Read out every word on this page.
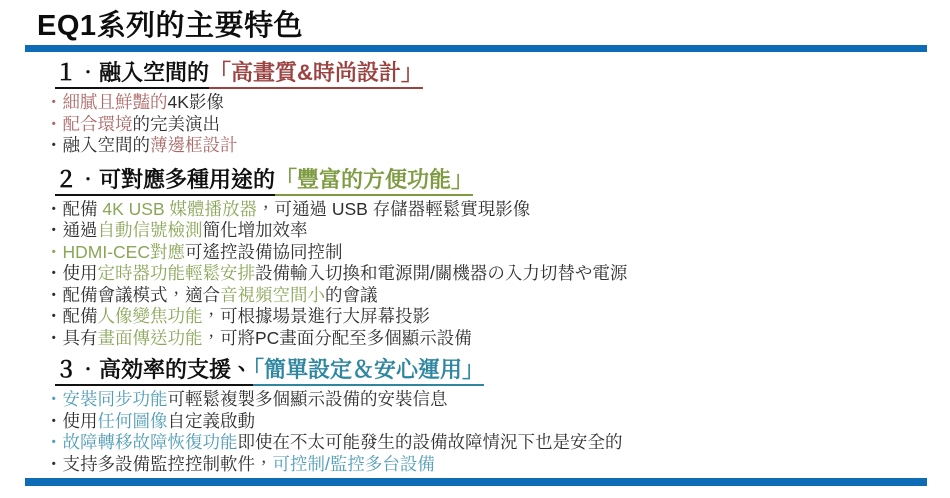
EQ1系列的主要特色
１．融入空間的「高畫質&時尚設計」
・細膩且鮮豔的4K影像
・配合環境的完美演出
・融入空間的薄邊框設計
２．可對應多種用途的「豐富的方便功能」
・配備 4K USB 媒體播放器，可通過 USB 存儲器輕鬆實現影像
・通過自動信號檢測簡化增加效率
・HDMI-CEC對應可遙控設備協同控制
・使用定時器功能輕鬆安排設備輸入切換和電源開/關機器の入力切替や電源
・配備會議模式，適合音視頻空間小的會議
・配備人像變焦功能，可根據場景進行大屏幕投影
・具有畫面傳送功能，可將PC畫面分配至多個顯示設備
３．高効率的支援、「簡單設定＆安心運用」
・安裝同步功能可輕鬆複製多個顯示設備的安裝信息
・使用任何圖像自定義啟動
・故障轉移故障恢復功能即使在不太可能發生的設備故障情況下也是安全的
・支持多設備監控控制軟件，可控制/監控多台設備
